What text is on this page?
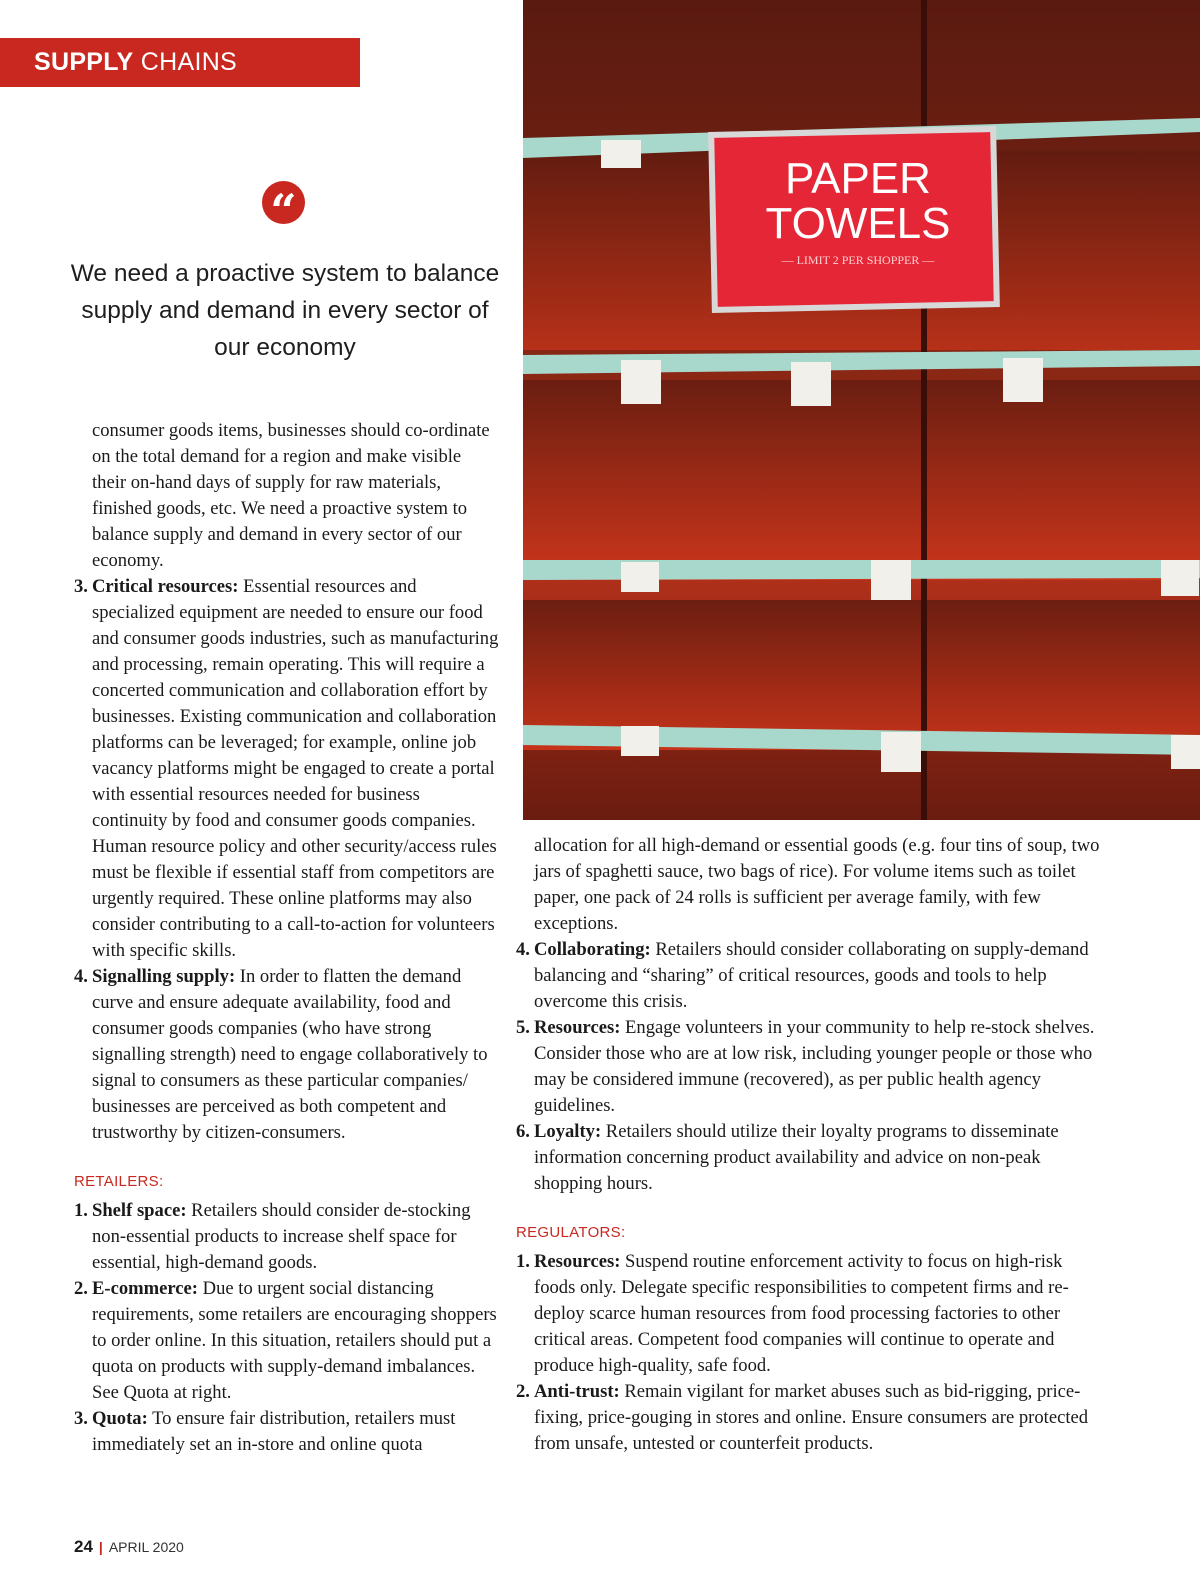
SUPPLY CHAINS
“
We need a proactive system to balance supply and demand in every sector of our economy
PAPER
TOWELS
— LIMIT 2 PER SHOPPER —

consumer goods items, businesses should co-ordinate on the total demand for a region and make visible their on-hand days of supply for raw materials, finished goods, etc. We need a proactive system to balance supply and demand in every sector of our economy.

3. Critical resources: Essential resources and specialized equipment are needed to ensure our food and consumer goods industries, such as manufacturing and processing, remain operating. This will require a concerted communication and collaboration effort by businesses. Existing communication and collaboration platforms can be leveraged; for example, online job vacancy platforms might be engaged to create a portal with essential resources needed for business continuity by food and consumer goods companies. Human resource policy and other security/access rules must be flexible if essential staff from competitors are urgently required. These online platforms may also consider contributing to a call-to-action for volunteers with specific skills.
4. Signalling supply: In order to flatten the demand curve and ensure adequate availability, food and consumer goods companies (who have strong signalling strength) need to engage collaboratively to signal to consumers as these particular companies/ businesses are perceived as both competent and trustworthy by citizen-consumers.
RETAILERS:
1. Shelf space: Retailers should consider de-stocking non-essential products to increase shelf space for essential, high-demand goods.
2. E-commerce: Due to urgent social distancing requirements, some retailers are encouraging shoppers to order online. In this situation, retailers should put a quota on products with supply-demand imbalances. See Quota at right.
3. Quota: To ensure fair distribution, retailers must immediately set an in-store and online quota

allocation for all high-demand or essential goods (e.g. four tins of soup, two jars of spaghetti sauce, two bags of rice). For volume items such as toilet paper, one pack of 24 rolls is sufficient per average family, with few exceptions.

4. Collaborating: Retailers should consider collaborating on supply-demand balancing and “sharing” of critical resources, goods and tools to help overcome this crisis.
5. Resources: Engage volunteers in your community to help re-stock shelves. Consider those who are at low risk, including younger people or those who may be considered immune (recovered), as per public health agency guidelines.
6. Loyalty: Retailers should utilize their loyalty programs to disseminate information concerning product availability and advice on non-peak shopping hours.
REGULATORS:
1. Resources: Suspend routine enforcement activity to focus on high-risk foods only. Delegate specific responsibilities to competent firms and re-deploy scarce human resources from food processing factories to other critical areas. Competent food companies will continue to operate and produce high-quality, safe food.
2. Anti-trust: Remain vigilant for market abuses such as bid-rigging, price-fixing, price-gouging in stores and online. Ensure consumers are protected from unsafe, untested or counterfeit products.
24 | APRIL 2020
